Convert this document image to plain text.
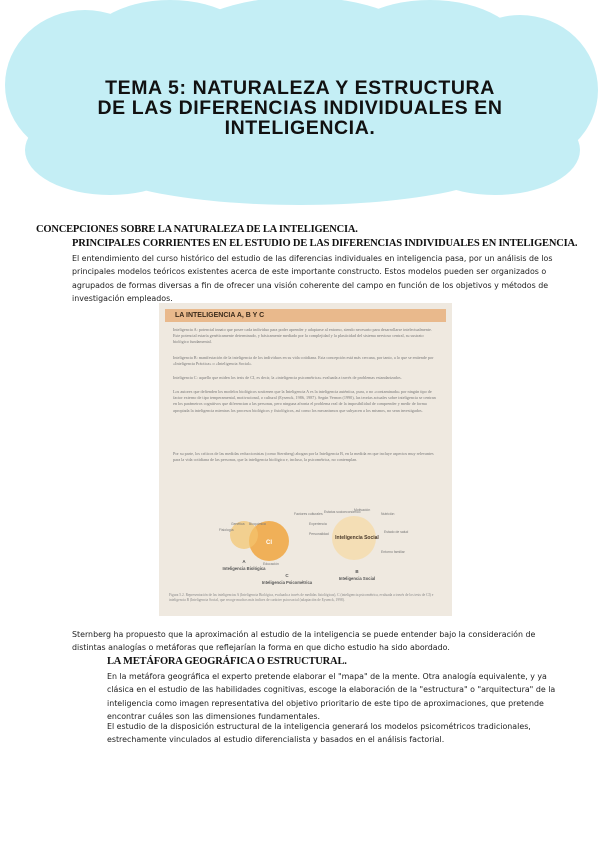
TEMA 5: NATURALEZA Y ESTRUCTURA
DE LAS DIFERENCIAS INDIVIDUALES EN
INTELIGENCIA.
CONCEPCIONES SOBRE LA NATURALEZA DE LA INTELIGENCIA.
PRINCIPALES CORRIENTES EN EL ESTUDIO DE LAS DIFERENCIAS INDIVIDUALES EN INTELIGENCIA.
El entendimiento del curso histórico del estudio de las diferencias individuales en inteligencia pasa, por un análisis de los principales modelos teóricos existentes acerca de este importante constructo. Estos modelos pueden ser organizados o agrupados de formas diversas a fin de ofrecer una visión coherente del campo en función de los objetivos y métodos de investigación empleados.
LA INTELIGENCIA A, B Y C
Inteligencia A: potencial innato que posee cada individuo para poder aprender y adaptarse al entorno, siendo necesario para desarrollarse intelectualmente. Este potencial estaría genéticamente determinado, y básicamente mediado por la complejidad y la plasticidad del sistema nervioso central, su sustrato biológico fundamental.
Inteligencia B: manifestación de la inteligencia de los individuos en su vida cotidiana. Esta concepción está más cercana, por tanto, a lo que se entiende por «Inteligencia Práctica» o «Inteligencia Social».
Inteligencia C: aquello que miden los tests de CI, es decir, la «inteligencia psicométrica» evaluada a través de problemas estandarizados.
Los autores que defienden los modelos biológicos sostienen que la Inteligencia A es la inteligencia auténtica, pura, o no «contaminada» por ningún tipo de factor externo de tipo temperamental, motivacional, o cultural (Eysenck, 1986, 1987). Según Vernon (1990), las teorías actuales sobre inteligencia se centran en los parámetros cognitivos que diferencian a las personas, pero ninguna afronta el problema real de la imposibilidad de comprender y medir de forma apropiada la inteligencia mientras los procesos biológicos y fisiológicos, así como los mecanismos que subyacen a los mismos, no sean investigados.
Por su parte, los críticos de las medidas reduccionistas (como Sternberg) abogan por la Inteligencia B, en la medida en que incluye aspectos muy relevantes para la vida cotidiana de las personas, que la inteligencia biológica e, incluso, la psicométrica, no contemplan.
CI
Inteligencia Social
A
Inteligencia Biológica
C
Inteligencia Psicométrica
B
Inteligencia Social
Genética
Fisiología
Bioquímica
Educación
Personalidad
Motivación
Nutrición
Estado de salud
Entorno familiar
Factores culturales Estatus socioeconómico
Experiencia
Figura 5.2. Representación de las inteligencias A (Inteligencia Biológica, evaluada a través de medidas fisiológicas), C (inteligencia psicométrica, evaluada a través de los tests de CI) e inteligencia B (Inteligencia Social, que recoge muchos más índices de carácter psicosocial (adaptación de Eysenck, 1998).
Sternberg ha propuesto que la aproximación al estudio de la inteligencia se puede entender bajo la consideración de distintas analogías o metáforas que reflejarían la forma en que dicho estudio ha sido abordado.
LA METÁFORA GEOGRÁFICA O ESTRUCTURAL.
En la metáfora geográfica el experto pretende elaborar el "mapa" de la mente. Otra analogía equivalente, y ya clásica en el estudio de las habilidades cognitivas, escoge la elaboración de la "estructura" o "arquitectura" de la inteligencia como imagen representativa del objetivo prioritario de este tipo de aproximaciones, que pretende encontrar cuáles son las dimensiones fundamentales.
El estudio de la disposición estructural de la inteligencia generará los modelos psicométricos tradicionales, estrechamente vinculados al estudio diferencialista y basados en el análisis factorial.
